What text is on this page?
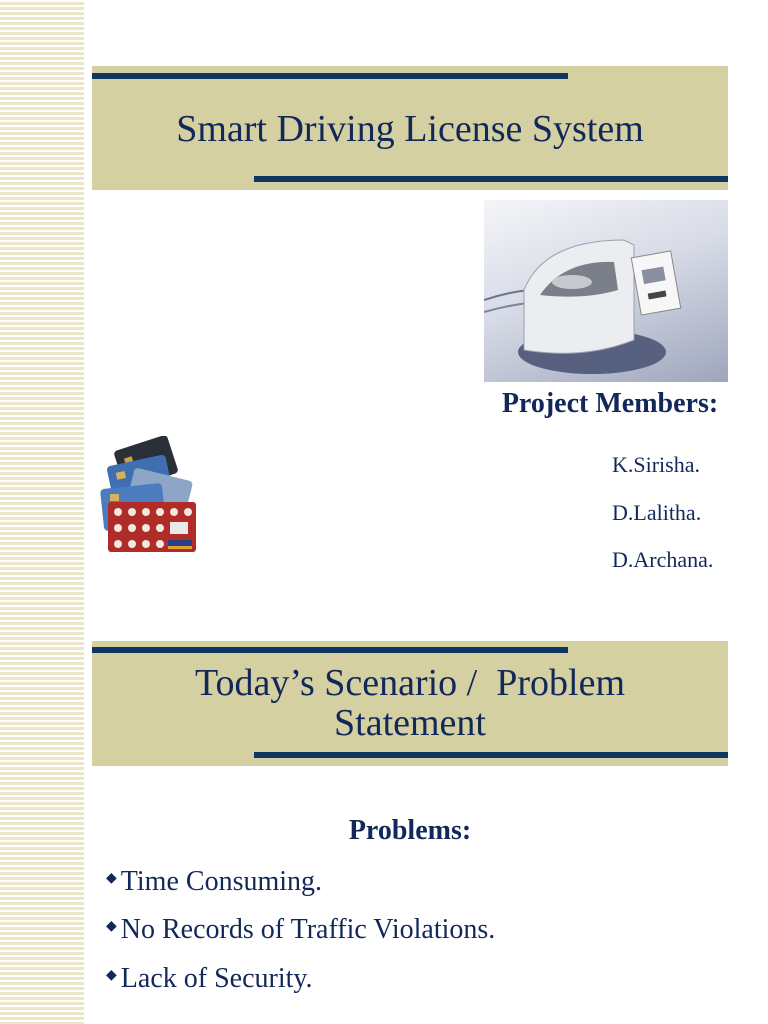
Smart Driving License System
Project Members:
K.Sirisha.
D.Lalitha.
D.Archana.
Today’s Scenario /  Problem
Statement
Problems:
◆ Time Consuming.
◆ No Records of Traffic Violations.
◆ Lack of Security.
